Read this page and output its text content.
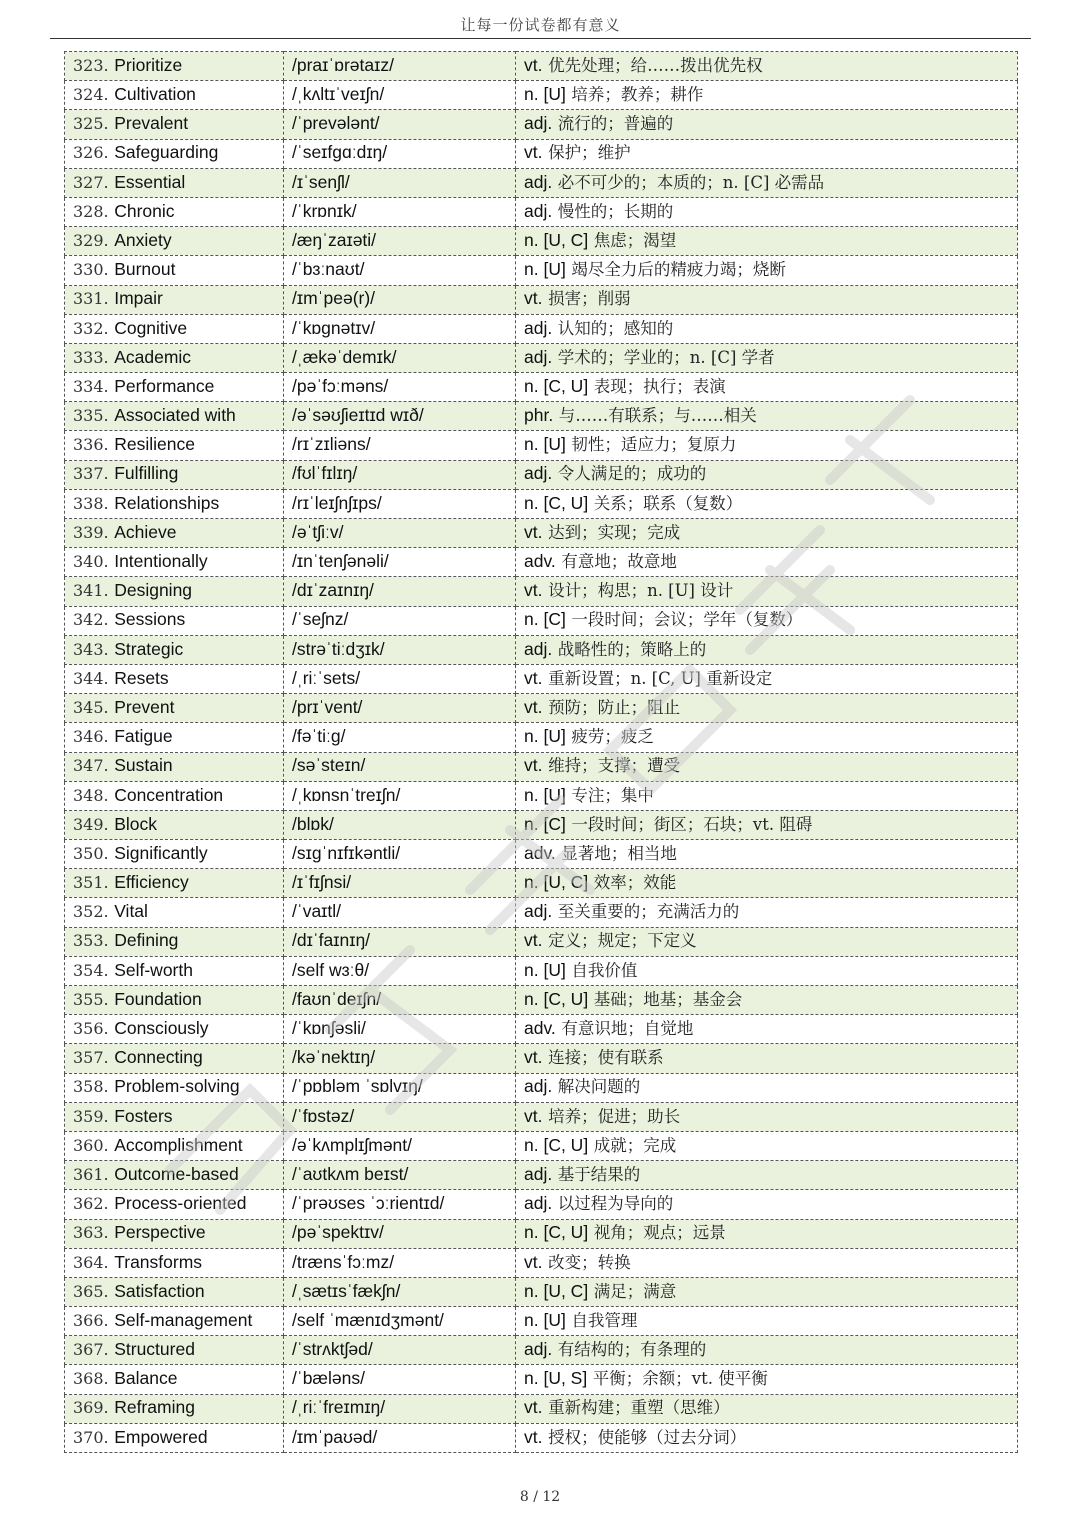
让每一份试卷都有意义
323. Prioritize	/praɪˈɒrətaɪz/	vt. 优先处理；给……拨出优先权
324. Cultivation	/ˌkʌltɪˈveɪʃn/	n. [U] 培养；教养；耕作
325. Prevalent	/ˈprevələnt/	adj. 流行的；普遍的
326. Safeguarding	/ˈseɪfɡɑːdɪŋ/	vt. 保护；维护
327. Essential	/ɪˈsenʃl/	adj. 必不可少的；本质的；n. [C] 必需品
328. Chronic	/ˈkrɒnɪk/	adj. 慢性的；长期的
329. Anxiety	/æŋˈzaɪəti/	n. [U, C] 焦虑；渴望
330. Burnout	/ˈbɜːnaʊt/	n. [U] 竭尽全力后的精疲力竭；烧断
331. Impair	/ɪmˈpeə(r)/	vt. 损害；削弱
332. Cognitive	/ˈkɒɡnətɪv/	adj. 认知的；感知的
333. Academic	/ˌækəˈdemɪk/	adj. 学术的；学业的；n. [C] 学者
334. Performance	/pəˈfɔːməns/	n. [C, U] 表现；执行；表演
335. Associated with	/əˈsəʊʃieɪtɪd wɪð/	phr. 与……有联系；与……相关
336. Resilience	/rɪˈzɪliəns/	n. [U] 韧性；适应力；复原力
337. Fulfilling	/fʊlˈfɪlɪŋ/	adj. 令人满足的；成功的
338. Relationships	/rɪˈleɪʃnʃɪps/	n. [C, U] 关系；联系（复数）
339. Achieve	/əˈtʃiːv/	vt. 达到；实现；完成
340. Intentionally	/ɪnˈtenʃənəli/	adv. 有意地；故意地
341. Designing	/dɪˈzaɪnɪŋ/	vt. 设计；构思；n. [U] 设计
342. Sessions	/ˈseʃnz/	n. [C] 一段时间；会议；学年（复数）
343. Strategic	/strəˈtiːdʒɪk/	adj. 战略性的；策略上的
344. Resets	/ˌriːˈsets/	vt. 重新设置；n. [C, U] 重新设定
345. Prevent	/prɪˈvent/	vt. 预防；防止；阻止
346. Fatigue	/fəˈtiːɡ/	n. [U] 疲劳；疲乏
347. Sustain	/səˈsteɪn/	vt. 维持；支撑；遭受
348. Concentration	/ˌkɒnsnˈtreɪʃn/	n. [U] 专注；集中
349. Block	/blɒk/	n. [C] 一段时间；街区；石块；vt. 阻碍
350. Significantly	/sɪɡˈnɪfɪkəntli/	adv. 显著地；相当地
351. Efficiency	/ɪˈfɪʃnsi/	n. [U, C] 效率；效能
352. Vital	/ˈvaɪtl/	adj. 至关重要的；充满活力的
353. Defining	/dɪˈfaɪnɪŋ/	vt. 定义；规定；下定义
354. Self-worth	/self wɜːθ/	n. [U] 自我价值
355. Foundation	/faʊnˈdeɪʃn/	n. [C, U] 基础；地基；基金会
356. Consciously	/ˈkɒnʃəsli/	adv. 有意识地；自觉地
357. Connecting	/kəˈnektɪŋ/	vt. 连接；使有联系
358. Problem-solving	/ˈpɒbləm ˈsɒlvɪŋ/	adj. 解决问题的
359. Fosters	/ˈfɒstəz/	vt. 培养；促进；助长
360. Accomplishment	/əˈkʌmplɪʃmənt/	n. [C, U] 成就；完成
361. Outcome-based	/ˈaʊtkʌm beɪst/	adj. 基于结果的
362. Process-oriented	/ˈprəʊses ˈɔːrientɪd/	adj. 以过程为导向的
363. Perspective	/pəˈspektɪv/	n. [C, U] 视角；观点；远景
364. Transforms	/trænsˈfɔːmz/	vt. 改变；转换
365. Satisfaction	/ˌsætɪsˈfækʃn/	n. [U, C] 满足；满意
366. Self-management	/self ˈmænɪdʒmənt/	n. [U] 自我管理
367. Structured	/ˈstrʌktʃəd/	adj. 有结构的；有条理的
368. Balance	/ˈbæləns/	n. [U, S] 平衡；余额；vt. 使平衡
369. Reframing	/ˌriːˈfreɪmɪŋ/	vt. 重新构建；重塑（思维）
370. Empowered	/ɪmˈpaʊəd/	vt. 授权；使能够（过去分词）
8 / 12
